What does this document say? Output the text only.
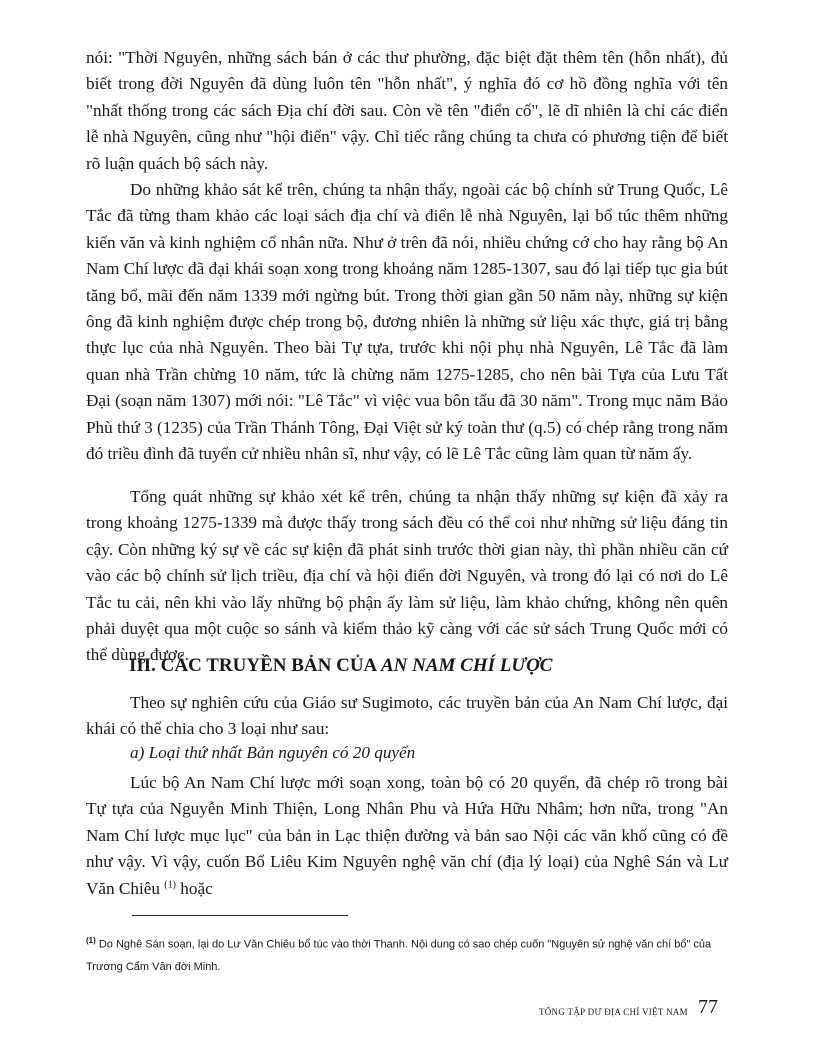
nói: "Thời Nguyên, những sách bán ở các thư phường, đặc biệt đặt thêm tên (hỗn nhất), đủ biết trong đời Nguyên đã dùng luôn tên "hỗn nhất", ý nghĩa đó cơ hồ đồng nghĩa với tên "nhất thống trong các sách Địa chí đời sau. Còn về tên "điển cố", lẽ dĩ nhiên là chỉ các điển lễ nhà Nguyên, cũng như "hội điển" vậy. Chỉ tiếc rằng chúng ta chưa có phương tiện để biết rõ luận quách bộ sách này.

Do những khảo sát kể trên, chúng ta nhận thấy, ngoài các bộ chính sử Trung Quốc, Lê Tắc đã từng tham khảo các loại sách địa chí và điển lễ nhà Nguyên, lại bổ túc thêm những kiến văn và kinh nghiệm cổ nhân nữa. Như ở trên đã nói, nhiều chứng cớ cho hay rằng bộ An Nam Chí lược đã đại khái soạn xong trong khoảng năm 1285-1307, sau đó lại tiếp tục gia bút tăng bổ, mãi đến năm 1339 mới ngừng bút. Trong thời gian gần 50 năm này, những sự kiện ông đã kinh nghiệm được chép trong bộ, đương nhiên là những sử liệu xác thực, giá trị bằng thực lục của nhà Nguyên. Theo bài Tự tựa, trước khi nội phụ nhà Nguyên, Lê Tắc đã làm quan nhà Trần chừng 10 năm, tức là chừng năm 1275-1285, cho nên bài Tựa của Lưu Tất Đại (soạn năm 1307) mới nói: "Lê Tắc" vì việc vua bôn tẩu đã 30 năm". Trong mục năm Bảo Phù thứ 3 (1235) của Trần Thánh Tông, Đại Việt sử ký toàn thư (q.5) có chép rằng trong năm đó triều đình đã tuyển cử nhiều nhân sĩ, như vậy, có lẽ Lê Tắc cũng làm quan từ năm ấy.

Tổng quát những sự khảo xét kể trên, chúng ta nhận thấy những sự kiện đã xảy ra trong khoảng 1275-1339 mà được thấy trong sách đều có thể coi như những sử liệu đáng tin cậy. Còn những ký sự về các sự kiện đã phát sinh trước thời gian này, thì phần nhiều căn cứ vào các bộ chính sử lịch triều, địa chí và hội điển đời Nguyên, và trong đó lại có nơi do Lê Tắc tu cải, nên khi vào lấy những bộ phận ấy làm sử liệu, làm khảo chứng, không nên quên phải duyệt qua một cuộc so sánh và kiểm thảo kỹ càng với các sử sách Trung Quốc mới có thể dùng được.

III. CÁC TRUYỀN BẢN CỦA AN NAM CHÍ LƯỢC

Theo sự nghiên cứu của Giáo sư Sugimoto, các truyền bản của An Nam Chí lược, đại khái có thể chia cho 3 loại như sau:

a) Loại thứ nhất Bản nguyên có 20 quyển

Lúc bộ An Nam Chí lược mới soạn xong, toàn bộ có 20 quyển, đã chép rõ trong bài Tự tựa của Nguyễn Minh Thiện, Long Nhân Phu và Hứa Hữu Nhâm; hơn nữa, trong "An Nam Chí lược mục lục" của bản in Lạc thiện đường và bản sao Nội các văn khố cũng có đề như vậy. Vì vậy, cuốn Bổ Liêu Kim Nguyên nghệ văn chí (địa lý loại) của Nghê Sán và Lư Văn Chiêu $^{(1)}$ hoặc

$^{(1)}$ Do Nghê Sán soạn, lại do Lư Văn Chiêu bổ túc vào thời Thanh. Nội dung có sao chép cuốn "Nguyên sử nghệ văn chí bổ" của Trương Cẩm Văn đời Minh.

TỔNG TẬP DƯ ĐỊA CHÍ VIỆT NAM 77
